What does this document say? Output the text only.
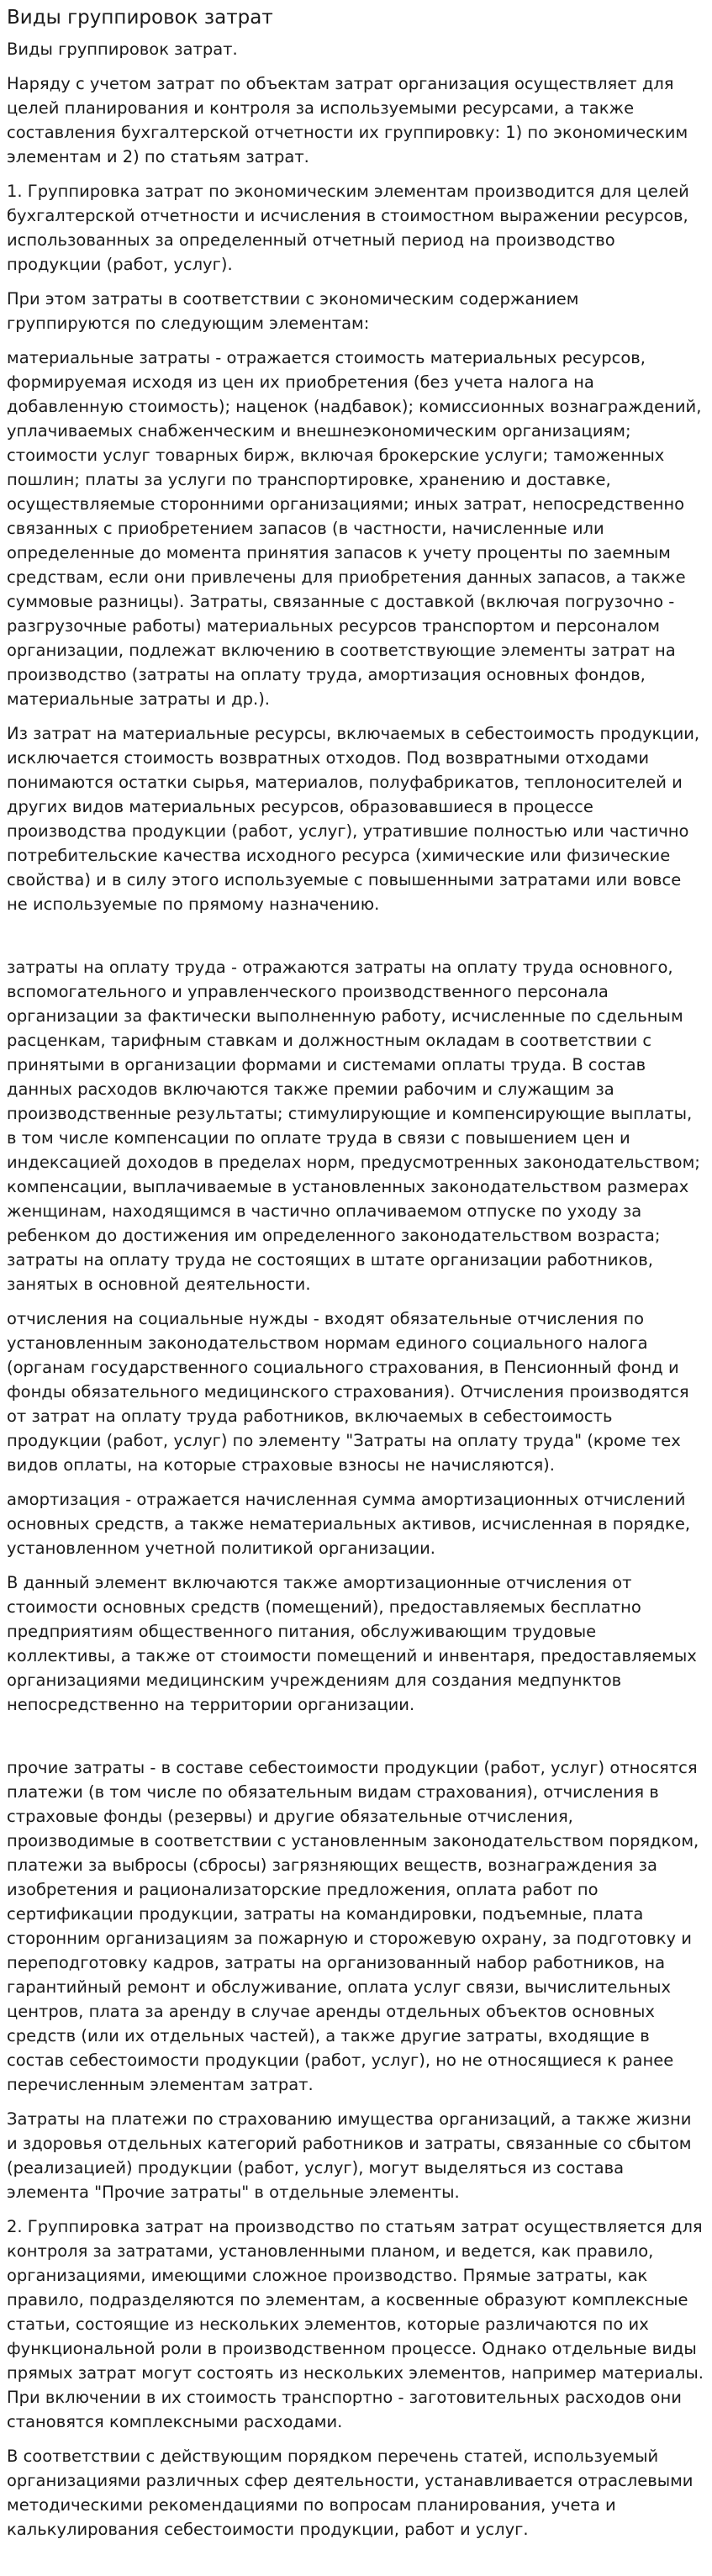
Виды группировок затрат

Виды группировок затрат.

Наряду с учетом затрат по объектам затрат организация осуществляет для целей планирования и контроля за используемыми ресурсами, а также составления бухгалтерской отчетности их группировку: 1) по экономическим элементам и 2) по статьям затрат.

1. Группировка затрат по экономическим элементам производится для целей бухгалтерской отчетности и исчисления в стоимостном выражении ресурсов, использованных за определенный отчетный период на производство продукции (работ, услуг).

При этом затраты в соответствии с экономическим содержанием группируются по следующим элементам:

материальные затраты - отражается стоимость материальных ресурсов, формируемая исходя из цен их приобретения (без учета налога на добавленную стоимость); наценок (надбавок); комиссионных вознаграждений, уплачиваемых снабженческим и внешнеэкономическим организациям; стоимости услуг товарных бирж, включая брокерские услуги; таможенных пошлин; платы за услуги по транспортировке, хранению и доставке, осуществляемые сторонними организациями; иных затрат, непосредственно связанных с приобретением запасов (в частности, начисленные или определенные до момента принятия запасов к учету проценты по заемным средствам, если они привлечены для приобретения данных запасов, а также суммовые разницы). Затраты, связанные с доставкой (включая погрузочно - разгрузочные работы) материальных ресурсов транспортом и персоналом организации, подлежат включению в соответствующие элементы затрат на производство (затраты на оплату труда, амортизация основных фондов, материальные затраты и др.).

Из затрат на материальные ресурсы, включаемых в себестоимость продукции, исключается стоимость возвратных отходов. Под возвратными отходами понимаются остатки сырья, материалов, полуфабрикатов, теплоносителей и других видов материальных ресурсов, образовавшиеся в процессе производства продукции (работ, услуг), утратившие полностью или частично потребительские качества исходного ресурса (химические или физические свойства) и в силу этого используемые с повышенными затратами или вовсе не используемые по прямому назначению.

затраты на оплату труда - отражаются затраты на оплату труда основного, вспомогательного и управленческого производственного персонала организации за фактически выполненную работу, исчисленные по сдельным расценкам, тарифным ставкам и должностным окладам в соответствии с принятыми в организации формами и системами оплаты труда. В состав данных расходов включаются также премии рабочим и служащим за производственные результаты; стимулирующие и компенсирующие выплаты, в том числе компенсации по оплате труда в связи с повышением цен и индексацией доходов в пределах норм, предусмотренных законодательством; компенсации, выплачиваемые в установленных законодательством размерах женщинам, находящимся в частично оплачиваемом отпуске по уходу за ребенком до достижения им определенного законодательством возраста; затраты на оплату труда не состоящих в штате организации работников, занятых в основной деятельности.

отчисления на социальные нужды - входят обязательные отчисления по установленным законодательством нормам единого социального налога (органам государственного социального страхования, в Пенсионный фонд и фонды обязательного медицинского страхования). Отчисления производятся от затрат на оплату труда работников, включаемых в себестоимость продукции (работ, услуг) по элементу "Затраты на оплату труда" (кроме тех видов оплаты, на которые страховые взносы не начисляются).

амортизация - отражается начисленная сумма амортизационных отчислений основных средств, а также нематериальных активов, исчисленная в порядке, установленном учетной политикой организации.

В данный элемент включаются также амортизационные отчисления от стоимости основных средств (помещений), предоставляемых бесплатно предприятиям общественного питания, обслуживающим трудовые коллективы, а также от стоимости помещений и инвентаря, предоставляемых организациями медицинским учреждениям для создания медпунктов непосредственно на территории организации.

прочие затраты - в составе себестоимости продукции (работ, услуг) относятся платежи (в том числе по обязательным видам страхования), отчисления в страховые фонды (резервы) и другие обязательные отчисления, производимые в соответствии с установленным законодательством порядком, платежи за выбросы (сбросы) загрязняющих веществ, вознаграждения за изобретения и рационализаторские предложения, оплата работ по сертификации продукции, затраты на командировки, подъемные, плата сторонним организациям за пожарную и сторожевую охрану, за подготовку и переподготовку кадров, затраты на организованный набор работников, на гарантийный ремонт и обслуживание, оплата услуг связи, вычислительных центров, плата за аренду в случае аренды отдельных объектов основных средств (или их отдельных частей), а также другие затраты, входящие в состав себестоимости продукции (работ, услуг), но не относящиеся к ранее перечисленным элементам затрат.

Затраты на платежи по страхованию имущества организаций, а также жизни и здоровья отдельных категорий работников и затраты, связанные со сбытом (реализацией) продукции (работ, услуг), могут выделяться из состава элемента "Прочие затраты" в отдельные элементы.

2. Группировка затрат на производство по статьям затрат осуществляется для контроля за затратами, установленными планом, и ведется, как правило, организациями, имеющими сложное производство. Прямые затраты, как правило, подразделяются по элементам, а косвенные образуют комплексные статьи, состоящие из нескольких элементов, которые различаются по их функциональной роли в производственном процессе. Однако отдельные виды прямых затрат могут состоять из нескольких элементов, например материалы. При включении в их стоимость транспортно - заготовительных расходов они становятся комплексными расходами.

В соответствии с действующим порядком перечень статей, используемый организациями различных сфер деятельности, устанавливается отраслевыми методическими рекомендациями по вопросам планирования, учета и калькулирования себестоимости продукции, работ и услуг.
